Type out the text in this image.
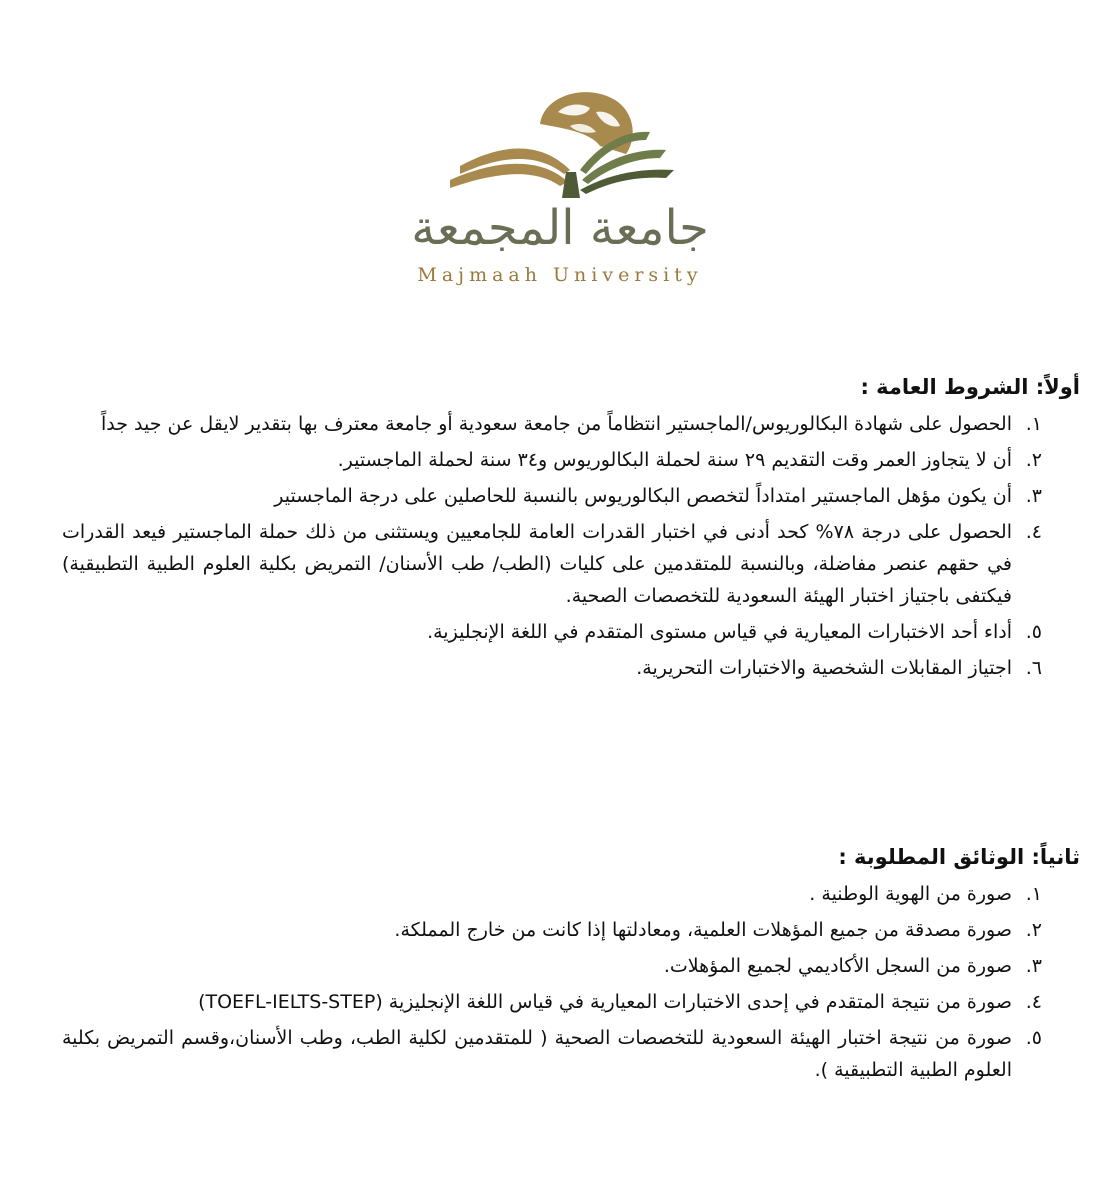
جامعة المجمعة
Majmaah University
أولاً: الشروط العامة :
١.
الحصول على شهادة البكالوريوس/الماجستير انتظاماً من جامعة سعودية أو جامعة معترف بها بتقدير لايقل عن جيد جداً
٢.
أن لا يتجاوز العمر وقت التقديم ٢٩ سنة لحملة البكالوريوس و٣٤ سنة لحملة الماجستير.
٣.
أن يكون مؤهل الماجستير امتداداً لتخصص البكالوريوس بالنسبة للحاصلين على درجة الماجستير
٤.
الحصول على درجة ٧٨% كحد أدنى في اختبار القدرات العامة للجامعيين ويستثنى من ذلك حملة الماجستير فيعد القدرات في حقهم عنصر مفاضلة، وبالنسبة للمتقدمين على كليات (الطب/ طب الأسنان/ التمريض بكلية العلوم الطبية التطبيقية) فيكتفى باجتياز اختبار الهيئة السعودية للتخصصات الصحية.
٥.
أداء أحد الاختبارات المعيارية في قياس مستوى المتقدم في اللغة الإنجليزية.
٦.
اجتياز المقابلات الشخصية والاختبارات التحريرية.
ثانياً: الوثائق المطلوبة :
١.
صورة من الهوية الوطنية .
٢.
صورة مصدقة من جميع المؤهلات العلمية، ومعادلتها إذا كانت من خارج المملكة.
٣.
صورة من السجل الأكاديمي لجميع المؤهلات.
٤.
صورة من نتيجة المتقدم في إحدى الاختبارات المعيارية في قياس اللغة الإنجليزية (TOEFL-IELTS-STEP)
٥.
صورة من نتيجة اختبار الهيئة السعودية للتخصصات الصحية ( للمتقدمين لكلية الطب، وطب الأسنان،وقسم التمريض بكلية العلوم الطبية التطبيقية ).
